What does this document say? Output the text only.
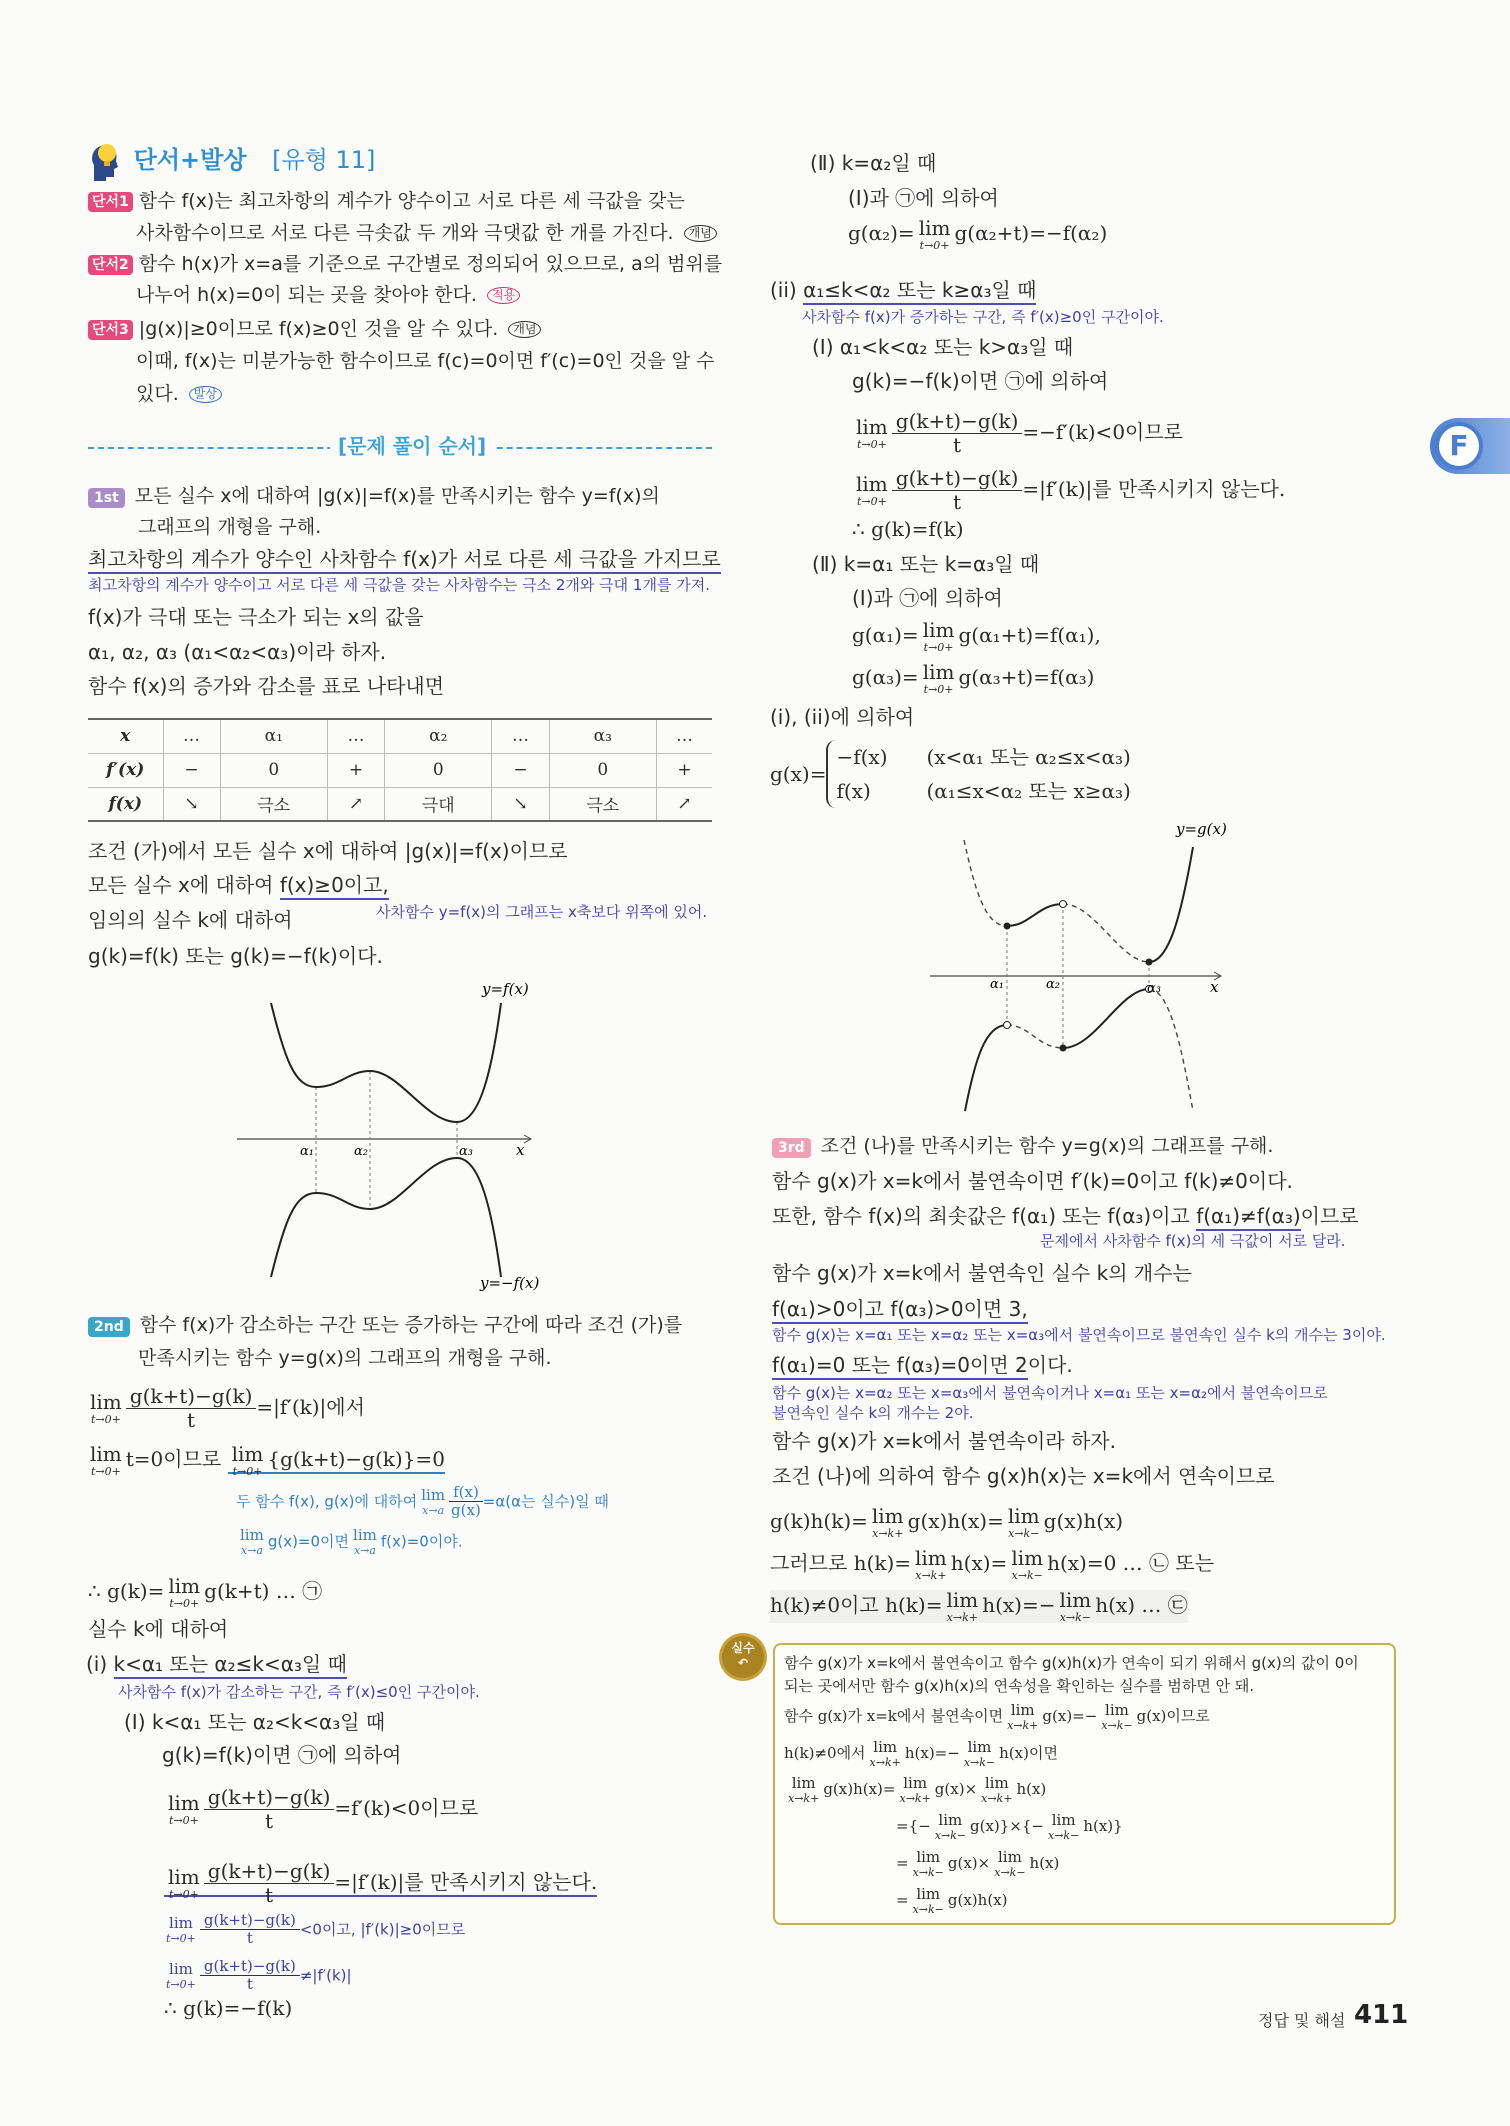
단서+발상 [유형 11]
단서1 함수 f(x)는 최고차항의 계수가 양수이고 서로 다른 세 극값을 갖는
사차함수이므로 서로 다른 극솟값 두 개와 극댓값 한 개를 가진다. 개념
단서2 함수 h(x)가 x=a를 기준으로 구간별로 정의되어 있으므로, a의 범위를
나누어 h(x)=0이 되는 곳을 찾아야 한다. 적용
단서3 |g(x)|≥0이므로 f(x)≥0인 것을 알 수 있다. 개념
이때, f(x)는 미분가능한 함수이므로 f(c)=0이면 f′(c)=0인 것을 알 수
있다. 발상
[문제 풀이 순서]
1st 모든 실수 x에 대하여 |g(x)|=f(x)를 만족시키는 함수 y=f(x)의
그래프의 개형을 구해.
최고차항의 계수가 양수인 사차함수 f(x)가 서로 다른 세 극값을 가지므로
최고차항의 계수가 양수이고 서로 다른 세 극값을 갖는 사차함수는 극소 2개와 극대 1개를 가져.
f(x)가 극대 또는 극소가 되는 x의 값을
α₁, α₂, α₃ (α₁<α₂<α₃)이라 하자.
함수 f(x)의 증가와 감소를 표로 나타내면
x	…	α₁	…	α₂	…	α₃	…
f′(x)	−	0	+	0	−	0	+
f(x)	↘	극소	↗	극대	↘	극소	↗
조건 (가)에서 모든 실수 x에 대하여 |g(x)|=f(x)이므로
모든 실수 x에 대하여 f(x)≥0이고,
사차함수 y=f(x)의 그래프는 x축보다 위쪽에 있어.
임의의 실수 k에 대하여
g(k)=f(k) 또는 g(k)=−f(k)이다.
y=f(x)
y=−f(x)
x
α₁	α₂	α₃
2nd 함수 f(x)가 감소하는 구간 또는 증가하는 구간에 따라 조건 (가)를
만족시키는 함수 y=g(x)의 그래프의 개형을 구해.
lim
$t\to 0+ \frac{g(k+t)-g(k)}{t} =|f'(k)|$에서
lim
t→0+
t=0이므로 lim
t→0+
{g(k+t)−g(k)}=0
두 함수 f(x), g(x)에 대하여 lim
$x\to a \frac{f(x)}{g(x)} =\alpha(\alpha$는 실수)일 때
lim
x→a g(x)=0이면 lim
x→a f(x)=0이야.
∴ g(k)= lim
t→0+
g(k+t) … ㉠
실수 k에 대하여
(i) k<α₁ 또는 α₂≤k<α₃일 때
사차함수 f(x)가 감소하는 구간, 즉 f′(x)≤0인 구간이야.
(Ⅰ) k<α₁ 또는 α₂<k<α₃일 때
g(k)=f(k)이면 ㉠에 의하여
lim
$t\to 0+ \frac{g(k+t)-g(k)}{t} =f'(k)<0$이므로
lim
$t\to 0+ \frac{g(k+t)-g(k)}{t} =|f'(k)|$를 만족시키지 않는다.
lim
$t\to 0+ \frac{g(k+t)-g(k)}{t} <0$이고, |f′(k)|≥0이므로
lim
$t\to 0+ \frac{g(k+t)-g(k)}{t} \ne|f'(k)|$
∴ g(k)=−f(k)
(Ⅱ) k=α₂일 때
(Ⅰ)과 ㉠에 의하여
g(α₂)= lim
t→0+
g(α₂+t)=−f(α₂)
(ii) α₁≤k<α₂ 또는 k≥α₃일 때
사차함수 f(x)가 증가하는 구간, 즉 f′(x)≥0인 구간이야.
(Ⅰ) α₁<k<α₂ 또는 k>α₃일 때
g(k)=−f(k)이면 ㉠에 의하여
lim
$t\to 0+ \frac{g(k+t)-g(k)}{t} =-f'(k)<0$이므로
lim
$t\to 0+ \frac{g(k+t)-g(k)}{t} =|f'(k)|$를 만족시키지 않는다.
∴ g(k)=f(k)
(Ⅱ) k=α₁ 또는 k=α₃일 때
(Ⅰ)과 ㉠에 의하여
g(α₁)= lim
t→0+
g(α₁+t)=f(α₁),
g(α₃)= lim
t→0+
g(α₃+t)=f(α₃)
(i), (ii)에 의하여
g(x)=
−f(x) (x<α₁ 또는 α₂≤x<α₃)
f(x)	(α₁≤x<α₂ 또는 x≥α₃)
y=g(x)
x
α₁	α₂	α₃
3rd 조건 (나)를 만족시키는 함수 y=g(x)의 그래프를 구해.
함수 g(x)가 x=k에서 불연속이면 f′(k)=0이고 f(k)≠0이다.
또한, 함수 f(x)의 최솟값은 f(α₁) 또는 f(α₃)이고 f(α₁)≠f(α₃)이므로
문제에서 사차함수 f(x)의 세 극값이 서로 달라.
함수 g(x)가 x=k에서 불연속인 실수 k의 개수는
f(α₁)>0이고 f(α₃)>0이면 3,
함수 g(x)는 x=α₁ 또는 x=α₂ 또는 x=α₃에서 불연속이므로 불연속인 실수 k의 개수는 3이야.
f(α₁)=0 또는 f(α₃)=0이면 2이다.
함수 g(x)는 x=α₂ 또는 x=α₃에서 불연속이거나 x=α₁ 또는 x=α₂에서 불연속이므로
불연속인 실수 k의 개수는 2야.
함수 g(x)가 x=k에서 불연속이라 하자.
조건 (나)에 의하여 함수 g(x)h(x)는 x=k에서 연속이므로
g(k)h(k)= lim
x→k+
g(x)h(x)= lim
x→k−
g(x)h(x)
그러므로 h(k)= lim
x→k+
h(x)= lim
x→k−
h(x)=0 … ㉡ 또는
h(k)≠0이고 h(k)= lim
x→k+
h(x)=− lim
x→k−
h(x) … ㉢
실수
↶	함수 g(x)가 x=k에서 불연속이고 함수 g(x)h(x)가 연속이 되기 위해서 g(x)의 값이 0이
되는 곳에서만 함수 g(x)h(x)의 연속성을 확인하는 실수를 범하면 안 돼.
함수 g(x)가 x=k에서 불연속이면 lim
x→k+
g(x)=− lim
x→k−
g(x)이므로
h(k)≠0에서 lim
x→k+
h(x)=− lim
x→k−
h(x)이면
lim
x→k+
g(x)h(x)= lim
x→k+
g(x)× lim
x→k+
h(x)
={− lim
x→k−
g(x)}×{− lim
x→k−
h(x)}
= lim
x→k−
g(x)× lim
x→k−
h(x)
= lim
x→k−
g(x)h(x)
F
정답 및 해설 411
